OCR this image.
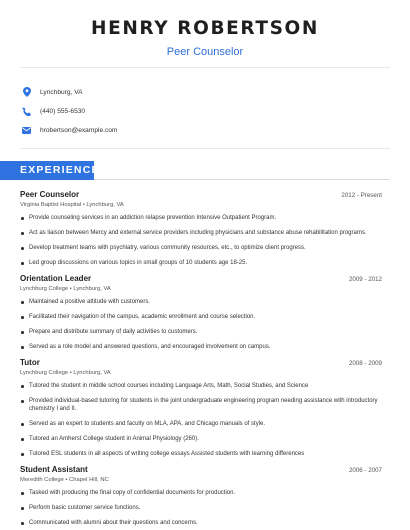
HENRY ROBERTSON
Peer Counselor
Lynchburg, VA
(440) 555-6530
hrobertson@example.com
EXPERIENCE
Peer Counselor	2012 - Present
Virginia Baptist Hospital • Lynchburg, VA
Provide counseling services in an addiction relapse prevention Intensive Outpatient Program.
Act as liaison between Mercy and external service providers including physicians and substance abuse rehabilitation programs.
Develop treatment teams with psychiatry, various community resources, etc., to optimize client progress.
Led group discussions on various topics in small groups of 10 students age 18-25.
Orientation Leader	2009 - 2012
Lynchburg College • Lynchburg, VA
Maintained a positive attitude with customers.
Facilitated their navigation of the campus, academic enrollment and course selection.
Prepare and distribute summary of daily activities to customers.
Served as a role model and answered questions, and encouraged involvement on campus.
Tutor	2008 - 2009
Lynchburg College • Lynchburg, VA
Tutored the student in middle school courses including Language Arts, Math, Social Studies, and Science
Provided individual-based tutoring for students in the joint undergraduate engineering program needing assistance with introductory chemistry I and II.
Served as an expert to students and faculty on MLA, APA, and Chicago manuals of style.
Tutored an Amherst College student in Animal Physiology (260).
Tutored ESL students in all aspects of writing college essays Assisted students with learning differences
Student Assistant	2006 - 2007
Meredith College • Chapel Hill, NC
Tasked with producing the final copy of confidential documents for production.
Perform basic customer service functions.
Communicated with alumni about their questions and concerns.
